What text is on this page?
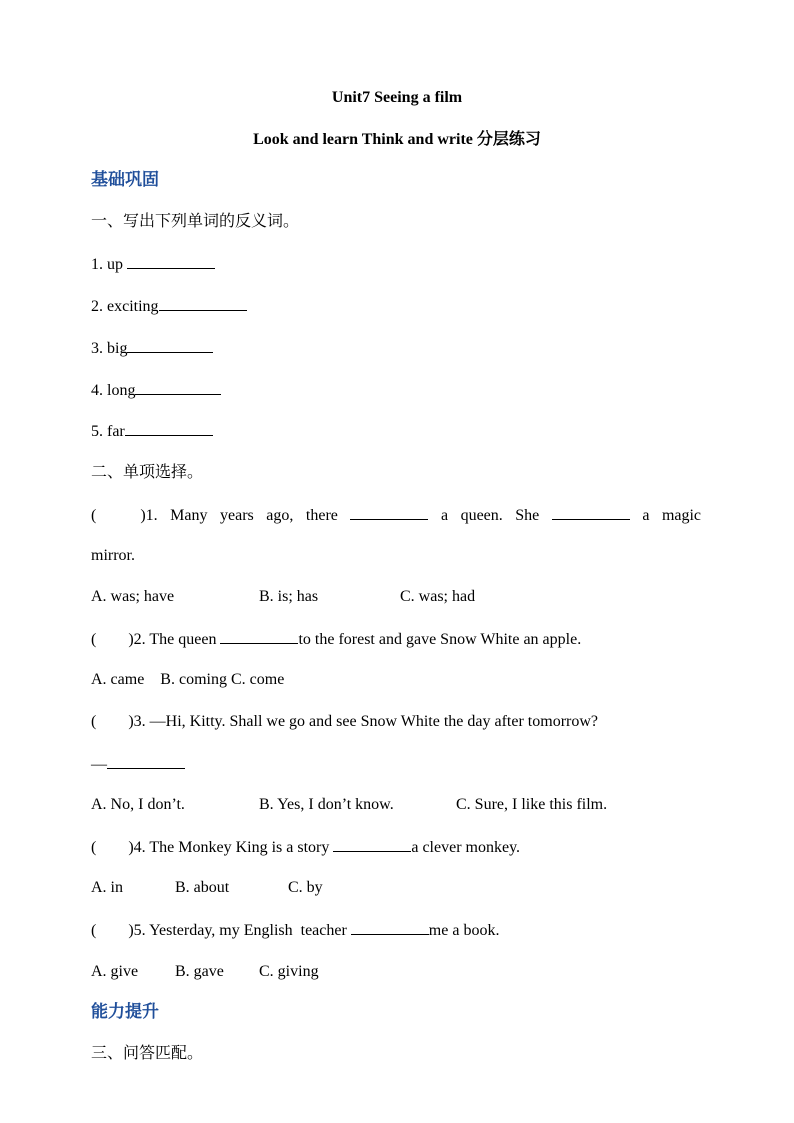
Unit7 Seeing a film
Look and learn Think and write 分层练习
基础巩固
一、写出下列单词的反义词。
1. up
2. exciting
3. big
4. long
5. far
二、单项选择。
(	)1. Many years ago, there	a queen. She	a magic
mirror.
A. was; have	B. is; has	C. was; had
(        )2. The queen	to the forest and gave Snow White an apple.
A. came    B. coming C. come
(        )3. —Hi, Kitty. Shall we go and see Snow White the day after tomorrow?
—
A. No, I don’t.	B. Yes, I don’t know.	C. Sure, I like this film.
(        )4. The Monkey King is a story	a clever monkey.
A. in	B. about	C. by
(        )5. Yesterday, my English  teacher	me a book.
A. give B. gave C. giving
能力提升
三、问答匹配。
